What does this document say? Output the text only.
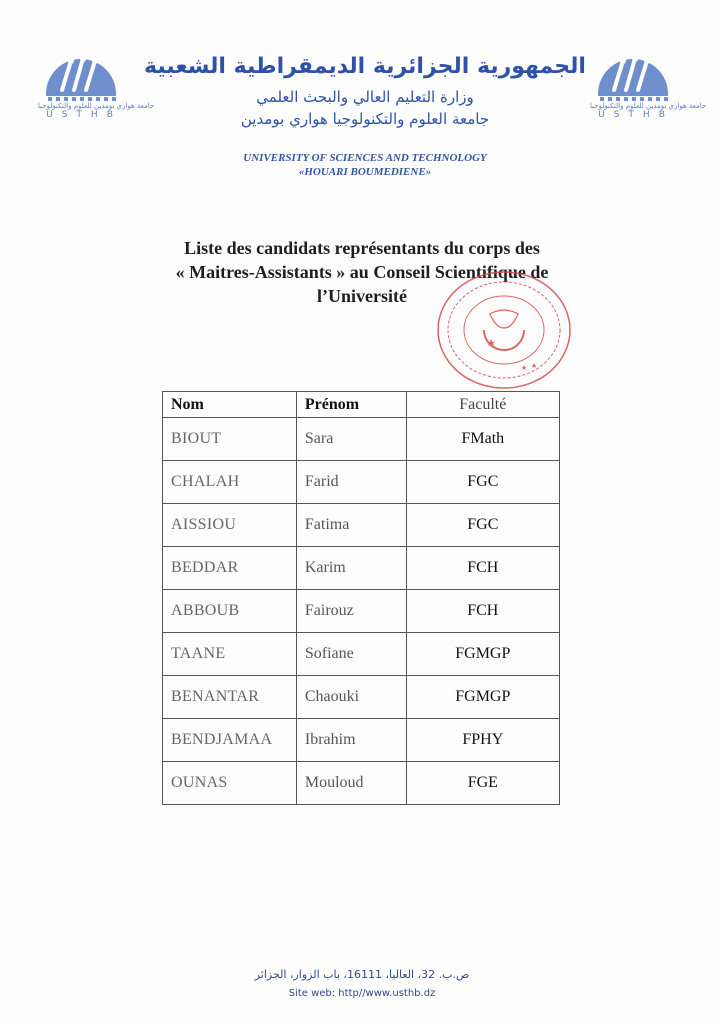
جامعة هواري بومدين للعلوم والتكنولوجيا
USTHB
جامعة هواري بومدين للعلوم والتكنولوجيا
USTHB
الجمهورية الجزائرية الديمقراطية الشعبية
وزارة التعليم العالي والبحث العلمي
جامعة العلوم والتكنولوجيا هواري بومدين
UNIVERSITY OF SCIENCES AND TECHNOLOGY
«HOUARI BOUMEDIENE»
Liste des candidats représentants du corps des
« Maitres-Assistants » au Conseil Scientifique de
l’Université
Nom	Prénom	Faculté
BIOUT	Sara	FMath
CHALAH	Farid	FGC
AISSIOU	Fatima	FGC
BEDDAR	Karim	FCH
ABBOUB	Fairouz	FCH
TAANE	Sofiane	FGMGP
BENANTAR	Chaouki	FGMGP
BENDJAMAA	Ibrahim	FPHY
OUNAS	Mouloud	FGE
ص.ب. 32، العاليا، 16111، باب الزوار، الجزائر
Site web: http//www.usthb.dz
